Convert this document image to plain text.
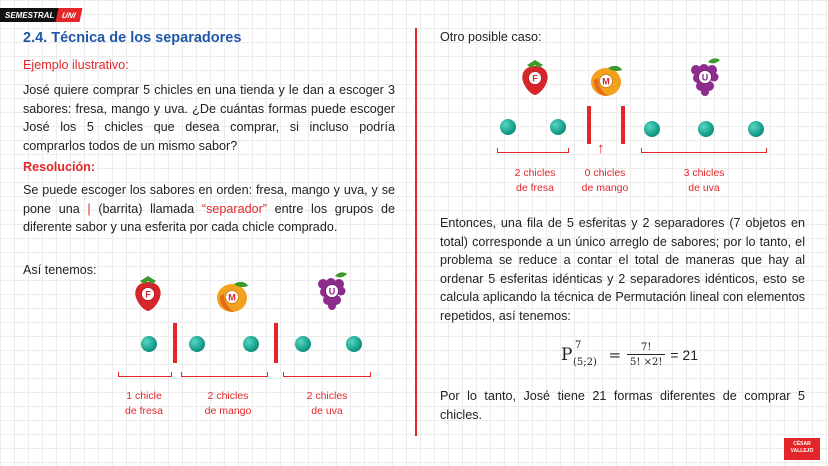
SEMESTRAL UNI
2.4. Técnica de los separadores
Ejemplo ilustrativo:
José quiere comprar 5 chicles en una tienda y le dan a escoger 3 sabores: fresa, mango y uva. ¿De cuántas formas puede escoger José los 5 chicles que desea comprar, si incluso podría comprarlos todos de un mismo sabor?
Resolución:
Se puede escoger los sabores en orden: fresa, mango y uva, y se pone una | (barrita) llamada “separador” entre los grupos de diferente sabor y una esferita por cada chicle comprado.
Así tenemos:
F	M
U
1 chicle
de fresa
2 chicles
de mango
2 chicles
de uva
Otro posible caso:
F	M	U
↑
2 chicles
de fresa
0 chicles
de mango
3 chicles
de uva
Entonces, una fila de 5 esferitas y 2 separadores (7 objetos en total) corresponde a un único arreglo de sabores; por lo tanto, el problema se reduce a contar el total de maneras que hay al ordenar 5 esferitas idénticas y 2 separadores idénticos, esto se calcula aplicando la técnica de Permutación lineal con elementos repetidos, así tenemos:
P 7
(5;2) = $\frac{7!}{5! \times 2!} = 21$
Por lo tanto, José tiene 21 formas diferentes de comprar 5 chicles.
CÉSAR
VALLEJO
